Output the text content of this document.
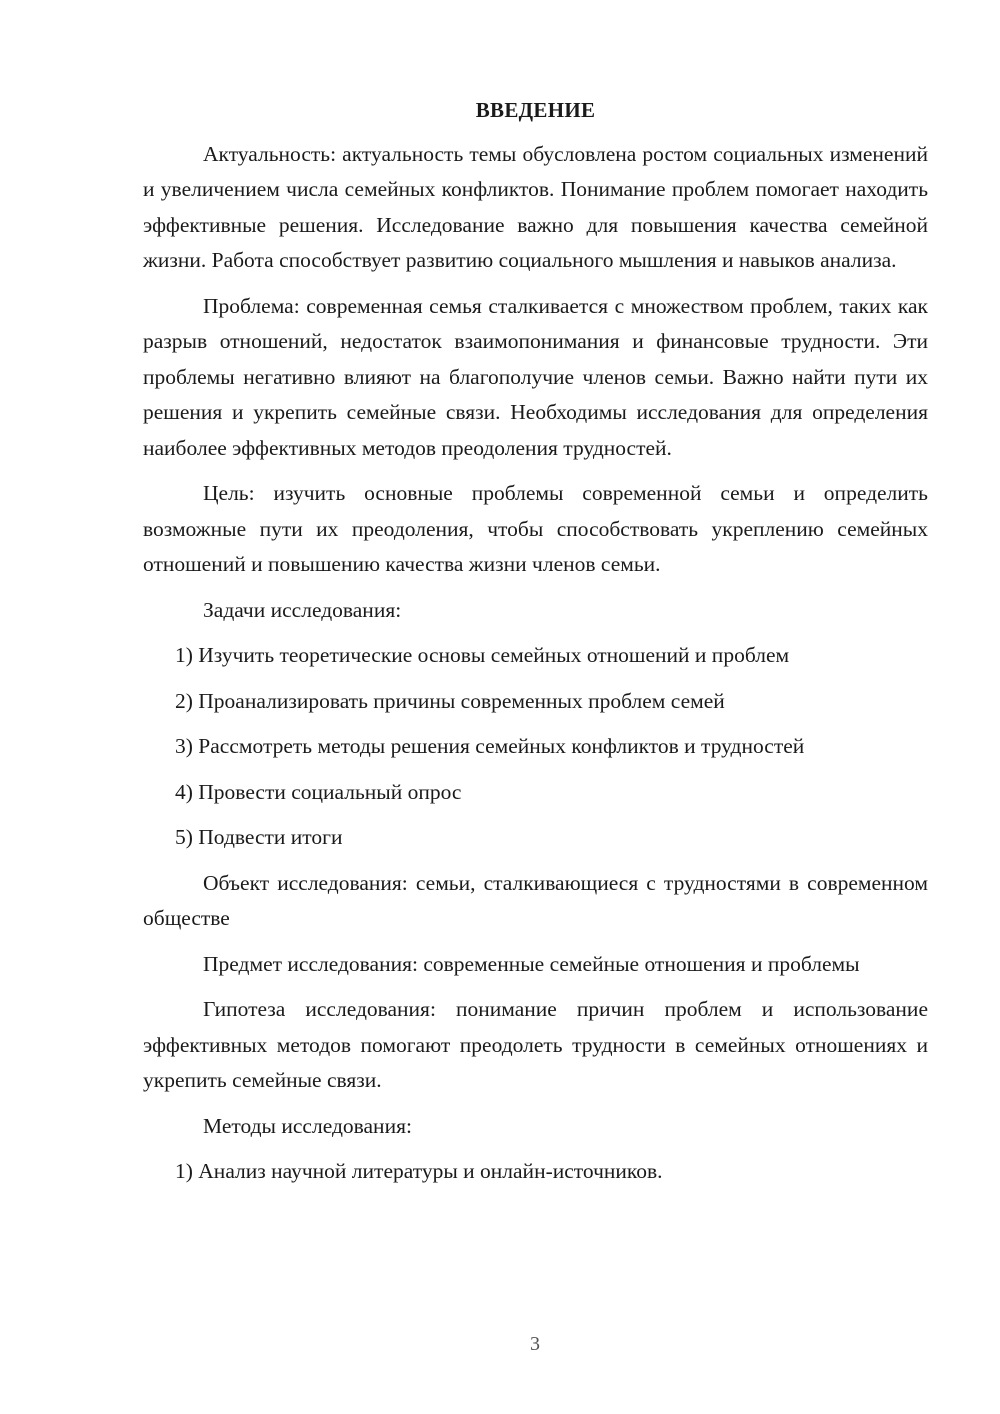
ВВЕДЕНИЕ

Актуальность: актуальность темы обусловлена ростом социальных изменений и увеличением числа семейных конфликтов. Понимание проблем помогает находить эффективные решения. Исследование важно для повышения качества семейной жизни. Работа способствует развитию социального мышления и навыков анализа.

Проблема: современная семья сталкивается с множеством проблем, таких как разрыв отношений, недостаток взаимопонимания и финансовые трудности. Эти проблемы негативно влияют на благополучие членов семьи. Важно найти пути их решения и укрепить семейные связи. Необходимы исследования для определения наиболее эффективных методов преодоления трудностей.

Цель: изучить основные проблемы современной семьи и определить возможные пути их преодоления, чтобы способствовать укреплению семейных отношений и повышению качества жизни членов семьи.

Задачи исследования:

1) Изучить теоретические основы семейных отношений и проблем
2) Проанализировать причины современных проблем семей
3) Рассмотреть методы решения семейных конфликтов и трудностей
4) Провести социальный опрос
5) Подвести итоги

Объект исследования: семьи, сталкивающиеся с трудностями в современном обществе

Предмет исследования: современные семейные отношения и проблемы

Гипотеза исследования: понимание причин проблем и использование эффективных методов помогают преодолеть трудности в семейных отношениях и укрепить семейные связи.

Методы исследования:

1) Анализ научной литературы и онлайн-источников.
3
